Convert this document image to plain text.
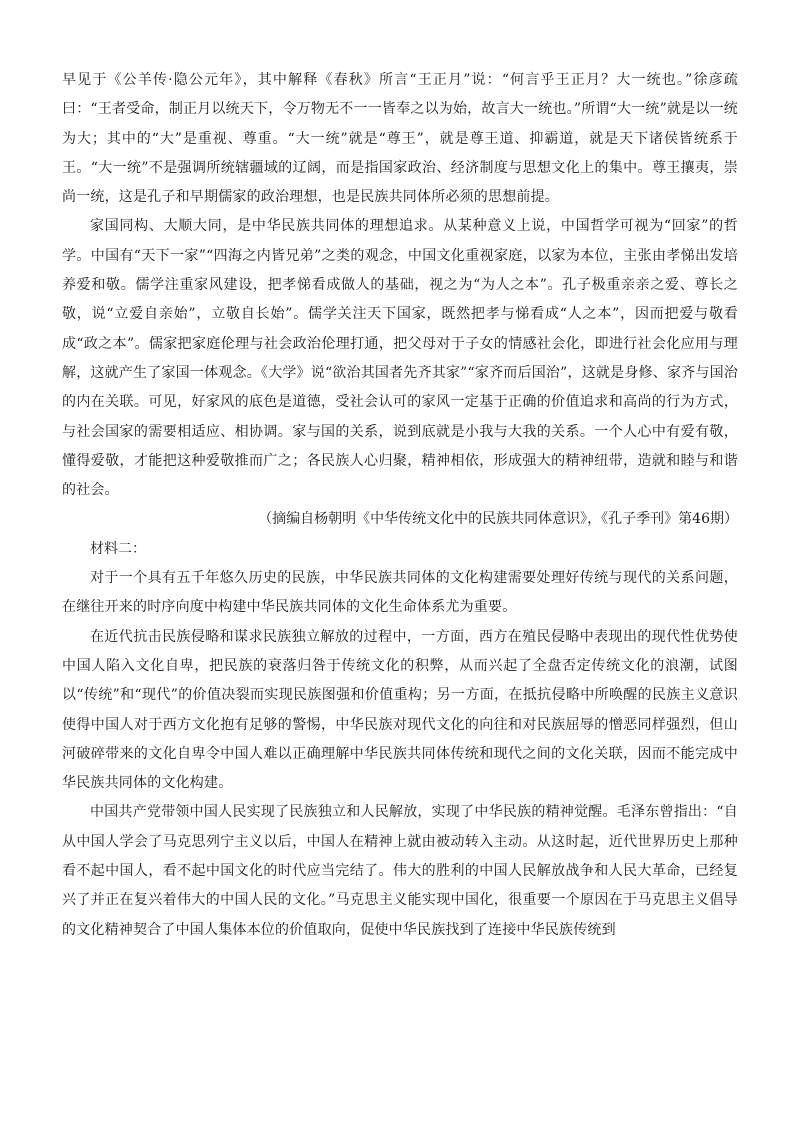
早见于《公羊传·隐公元年》，其中解释《春秋》所言“王正月”说：“何言乎王正月？大一统也。”徐彦疏曰：“王者受命，制正月以统天下，令万物无不一一皆奉之以为始，故言大一统也。”所谓“大一统”就是以一统为大；其中的“大”是重视、尊重。“大一统”就是“尊王”，就是尊王道、抑霸道，就是天下诸侯皆统系于王。“大一统”不是强调所统辖疆域的辽阔，而是指国家政治、经济制度与思想文化上的集中。尊王攘夷，崇尚一统，这是孔子和早期儒家的政治理想，也是民族共同体所必须的思想前提。

家国同构、大顺大同，是中华民族共同体的理想追求。从某种意义上说，中国哲学可视为“回家”的哲学。中国有“天下一家”“四海之内皆兄弟”之类的观念，中国文化重视家庭，以家为本位，主张由孝悌出发培养爱和敬。儒学注重家风建设，把孝悌看成做人的基础，视之为“为人之本”。孔子极重亲亲之爱、尊长之敬，说“立爱自亲始”，立敬自长始”。儒学关注天下国家，既然把孝与悌看成“人之本”，因而把爱与敬看成“政之本”。儒家把家庭伦理与社会政治伦理打通，把父母对于子女的情感社会化，即进行社会化应用与理解，这就产生了家国一体观念。《大学》说“欲治其国者先齐其家”“家齐而后国治”，这就是身修、家齐与国治的内在关联。可见，好家风的底色是道德，受社会认可的家风一定基于正确的价值追求和高尚的行为方式，与社会国家的需要相适应、相协调。家与国的关系，说到底就是小我与大我的关系。一个人心中有爱有敬，懂得爱敬，才能把这种爱敬推而广之；各民族人心归聚，精神相依，形成强大的精神纽带，造就和睦与和谐的社会。

（摘编自杨朝明《中华传统文化中的民族共同体意识》，《孔子季刊》第46期）

材料二：

对于一个具有五千年悠久历史的民族，中华民族共同体的文化构建需要处理好传统与现代的关系问题，在继往开来的时序向度中构建中华民族共同体的文化生命体系尤为重要。

在近代抗击民族侵略和谋求民族独立解放的过程中，一方面，西方在殖民侵略中表现出的现代性优势使中国人陷入文化自卑，把民族的衰落归咎于传统文化的积弊，从而兴起了全盘否定传统文化的浪潮，试图以“传统”和“现代”的价值决裂而实现民族图强和价值重构；另一方面，在抵抗侵略中所唤醒的民族主义意识使得中国人对于西方文化抱有足够的警惕，中华民族对现代文化的向往和对民族屈辱的憎恶同样强烈，但山河破碎带来的文化自卑令中国人难以正确理解中华民族共同体传统和现代之间的文化关联，因而不能完成中华民族共同体的文化构建。

中国共产党带领中国人民实现了民族独立和人民解放，实现了中华民族的精神觉醒。毛泽东曾指出：“自从中国人学会了马克思列宁主义以后，中国人在精神上就由被动转入主动。从这时起，近代世界历史上那种看不起中国人，看不起中国文化的时代应当完结了。伟大的胜利的中国人民解放战争和人民大革命，已经复兴了并正在复兴着伟大的中国人民的文化。”马克思主义能实现中国化，很重要一个原因在于马克思主义倡导的文化精神契合了中国人集体本位的价值取向，促使中华民族找到了连接中华民族传统到
